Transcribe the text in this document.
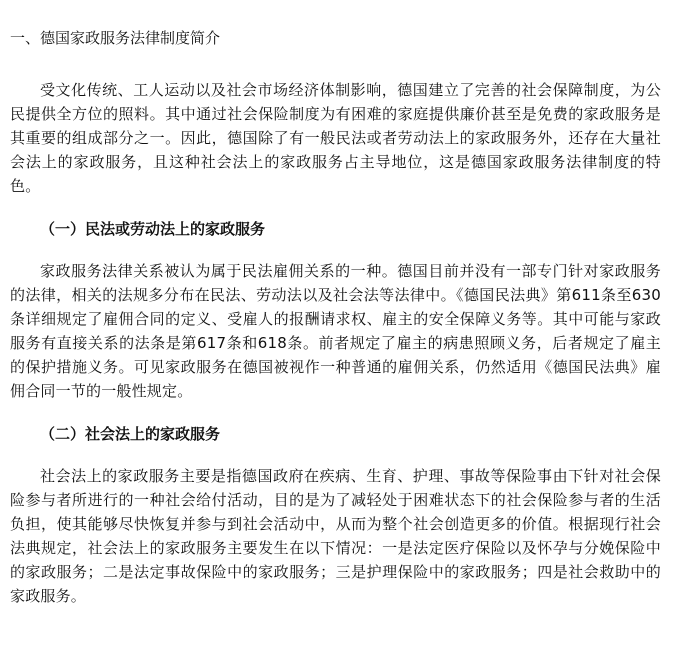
一、德国家政服务法律制度简介

受文化传统、工人运动以及社会市场经济体制影响，德国建立了完善的社会保障制度，为公民提供全方位的照料。其中通过社会保险制度为有困难的家庭提供廉价甚至是免费的家政服务是其重要的组成部分之一。因此，德国除了有一般民法或者劳动法上的家政服务外，还存在大量社会法上的家政服务，且这种社会法上的家政服务占主导地位，这是德国家政服务法律制度的特色。

（一）民法或劳动法上的家政服务

家政服务法律关系被认为属于民法雇佣关系的一种。德国目前并没有一部专门针对家政服务的法律，相关的法规多分布在民法、劳动法以及社会法等法律中。《德国民法典》第611条至630条详细规定了雇佣合同的定义、受雇人的报酬请求权、雇主的安全保障义务等。其中可能与家政服务有直接关系的法条是第617条和618条。前者规定了雇主的病患照顾义务，后者规定了雇主的保护措施义务。可见家政服务在德国被视作一种普通的雇佣关系，仍然适用《德国民法典》雇佣合同一节的一般性规定。

（二）社会法上的家政服务

社会法上的家政服务主要是指德国政府在疾病、生育、护理、事故等保险事由下针对社会保险参与者所进行的一种社会给付活动，目的是为了减轻处于困难状态下的社会保险参与者的生活负担，使其能够尽快恢复并参与到社会活动中，从而为整个社会创造更多的价值。根据现行社会法典规定，社会法上的家政服务主要发生在以下情况：一是法定医疗保险以及怀孕与分娩保险中的家政服务；二是法定事故保险中的家政服务；三是护理保险中的家政服务；四是社会救助中的家政服务。
